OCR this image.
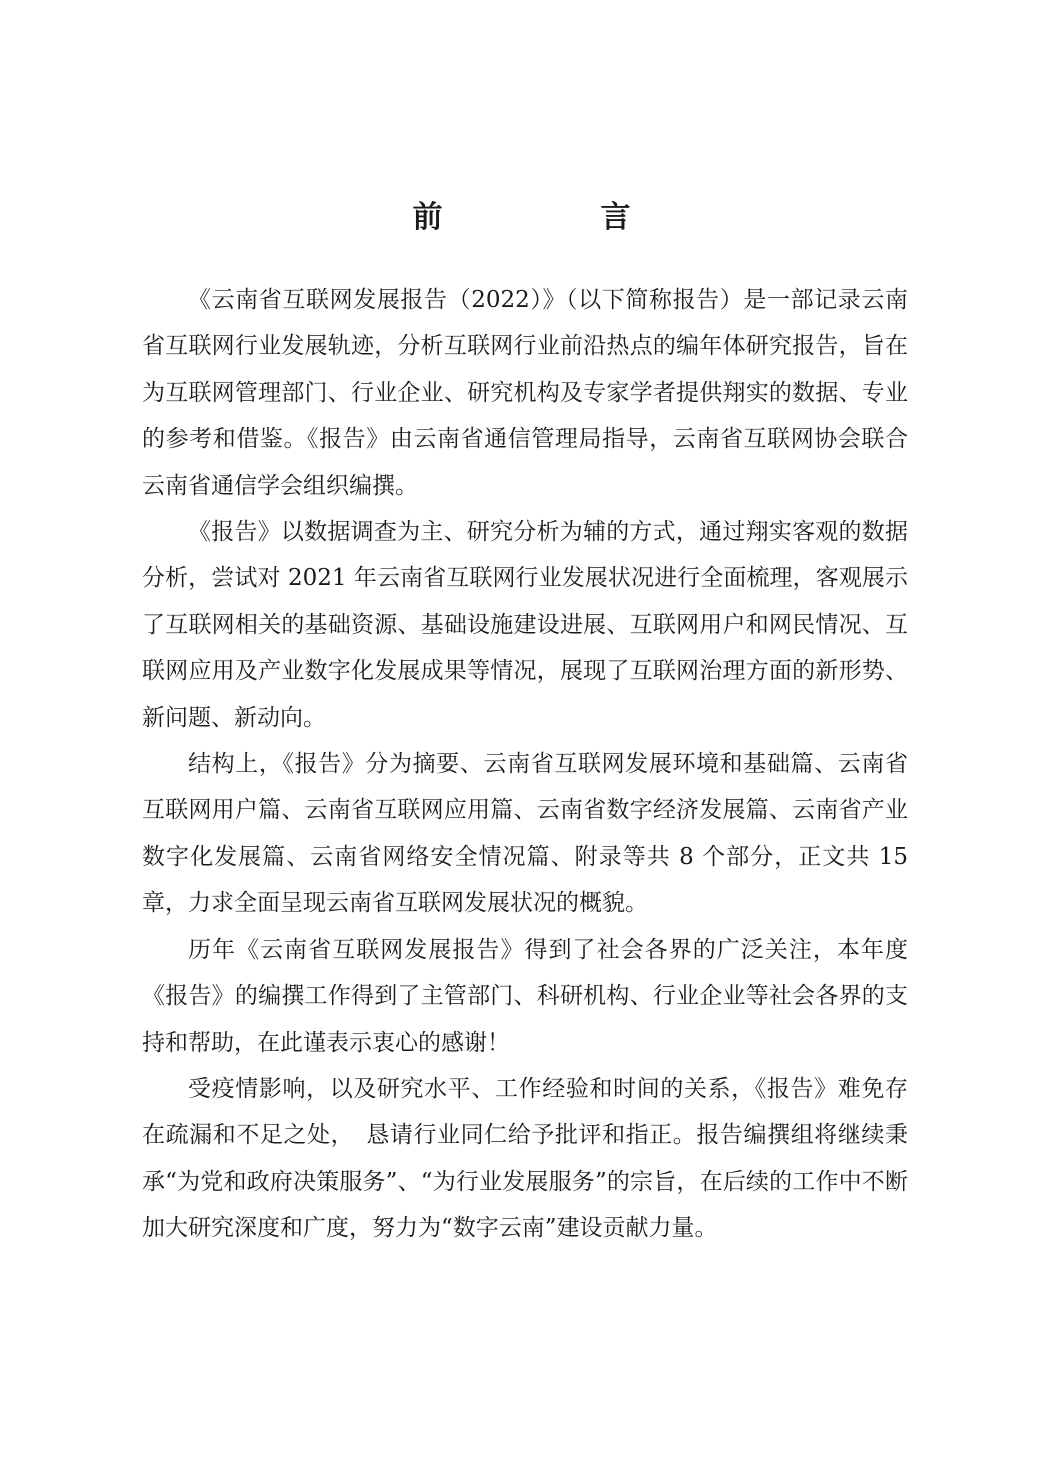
前　言

《云南省互联网发展报告（2022）》（以下简称报告）是一部记录云南省互联网行业发展轨迹，分析互联网行业前沿热点的编年体研究报告，旨在为互联网管理部门、行业企业、研究机构及专家学者提供翔实的数据、专业的参考和借鉴。《报告》由云南省通信管理局指导，云南省互联网协会联合云南省通信学会组织编撰。

《报告》以数据调查为主、研究分析为辅的方式，通过翔实客观的数据分析，尝试对 2021 年云南省互联网行业发展状况进行全面梳理，客观展示了互联网相关的基础资源、基础设施建设进展、互联网用户和网民情况、互联网应用及产业数字化发展成果等情况，展现了互联网治理方面的新形势、新问题、新动向。

结构上，《报告》分为摘要、云南省互联网发展环境和基础篇、云南省互联网用户篇、云南省互联网应用篇、云南省数字经济发展篇、云南省产业数字化发展篇、云南省网络安全情况篇、附录等共 8 个部分，正文共 15 章，力求全面呈现云南省互联网发展状况的概貌。

历年《云南省互联网发展报告》得到了社会各界的广泛关注，本年度《报告》的编撰工作得到了主管部门、科研机构、行业企业等社会各界的支持和帮助，在此谨表示衷心的感谢！

受疫情影响，以及研究水平、工作经验和时间的关系，《报告》难免存在疏漏和不足之处，　恳请行业同仁给予批评和指正。报告编撰组将继续秉承“为党和政府决策服务”、“为行业发展服务”的宗旨，在后续的工作中不断加大研究深度和广度，努力为“数字云南”建设贡献力量。
